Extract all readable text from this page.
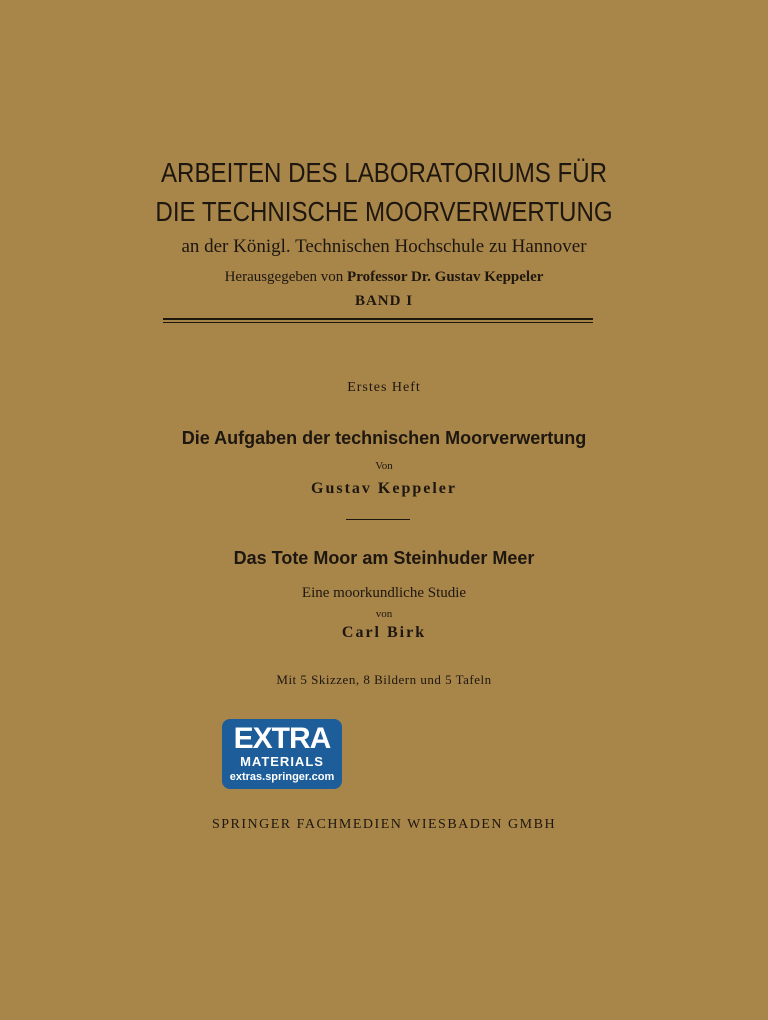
ARBEITEN DES LABORATORIUMS FÜR

DIE TECHNISCHE MOORVERWERTUNG

an der Königl. Technischen Hochschule zu Hannover

Herausgegeben von Professor Dr. Gustav Keppeler

BAND I

Erstes Heft

Die Aufgaben der technischen Moorverwertung

Von

Gustav Keppeler

Das Tote Moor am Steinhuder Meer

Eine moorkundliche Studie

von

Carl Birk

Mit 5 Skizzen, 8 Bildern und 5 Tafeln

EXTRA
MATERIALS
extras.springer.com

SPRINGER FACHMEDIEN WIESBADEN GMBH
